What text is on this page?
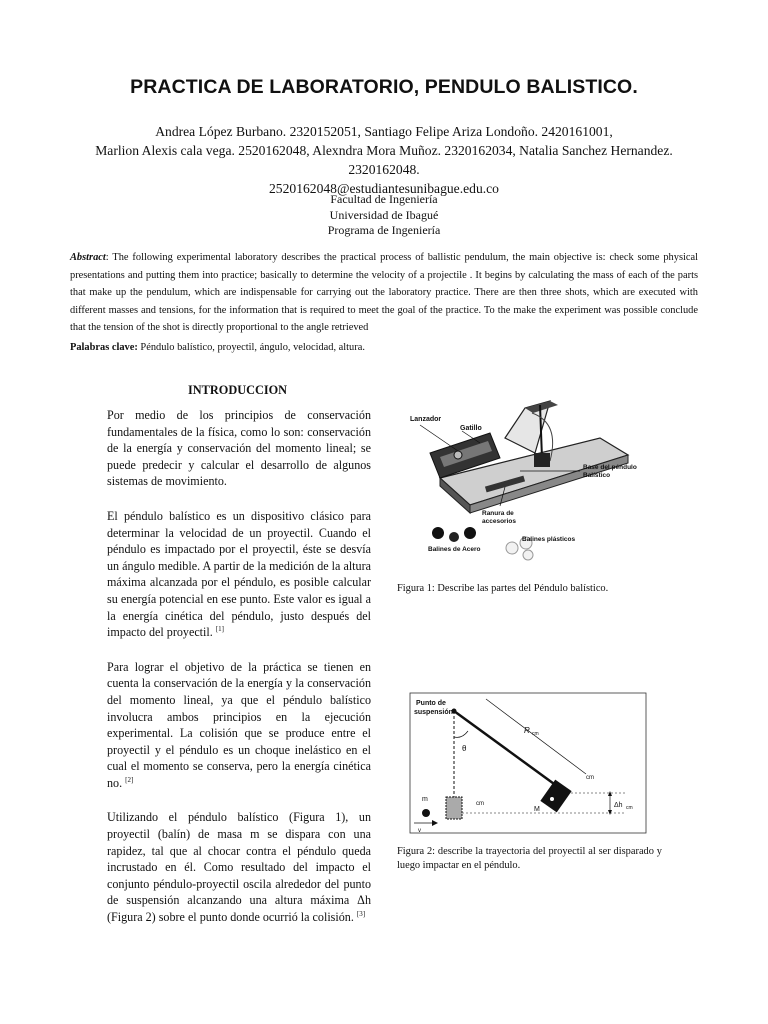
PRACTICA DE LABORATORIO, PENDULO BALISTICO.
Andrea López Burbano. 2320152051, Santiago Felipe Ariza Londoño. 2420161001,
Marlion Alexis cala vega. 2520162048, Alexndra Mora Muñoz. 2320162034, Natalia Sanchez Hernandez.
2320162048.
2520162048@estudiantesunibague.edu.co
Facultad de Ingeniería
Universidad de Ibagué
Programa de Ingeniería
Abstract: The following experimental laboratory describes the practical process of ballistic pendulum, the main objective is: check some physical presentations and putting them into practice; basically to determine the velocity of a projectile . It begins by calculating the mass of each of the parts that make up the pendulum, which are indispensable for carrying out the laboratory practice. There are then three shots, which are executed with different masses and tensions, for the information that is required to meet the goal of the practice. To the make the experiment was possible conclude that the tension of the shot is directly proportional to the angle retrieved
Palabras clave: Péndulo balístico, proyectil, ángulo, velocidad, altura.
INTRODUCCION

Por medio de los principios de conservación fundamentales de la física, como lo son: conservación de la energía y conservación del momento lineal; se puede predecir y calcular el desarrollo de algunos sistemas de movimiento.

El péndulo balístico es un dispositivo clásico para determinar la velocidad de un proyectil. Cuando el péndulo es impactado por el proyectil, éste se desvía un ángulo medible. A partir de la medición de la altura máxima alcanzada por el péndulo, es posible calcular su energía potencial en ese punto. Este valor es igual a la energía cinética del péndulo, justo después del impacto del proyectil. [1]

Para lograr el objetivo de la práctica se tienen en cuenta la conservación de la energía y la conservación del momento lineal, ya que el péndulo balístico involucra ambos principios en la ejecución experimental. La colisión que se produce entre el proyectil y el péndulo es un choque inelástico en el cual el momento se conserva, pero la energía cinética no. [2]

Utilizando el péndulo balístico (Figura 1), un proyectil (balín) de masa m se dispara con una rapidez, tal que al chocar contra el péndulo queda incrustado en él. Como resultado del impacto el conjunto péndulo-proyectil oscila alrededor del punto de suspensión alcanzando una altura máxima Δh (Figura 2) sobre el punto donde ocurrió la colisión. [3]

Lanzador
Gatillo
Base del péndulo
Balístico
Ranura de
accesorios
Balines de Acero
Balines plásticos
Figura 1: Describe las partes del Péndulo balístico.
R cm
θ
m
v
cm
cm
M
Δh cm
Punto de
suspensión
Figura 2: describe la trayectoria del proyectil al ser disparado y luego impactar en el péndulo.
